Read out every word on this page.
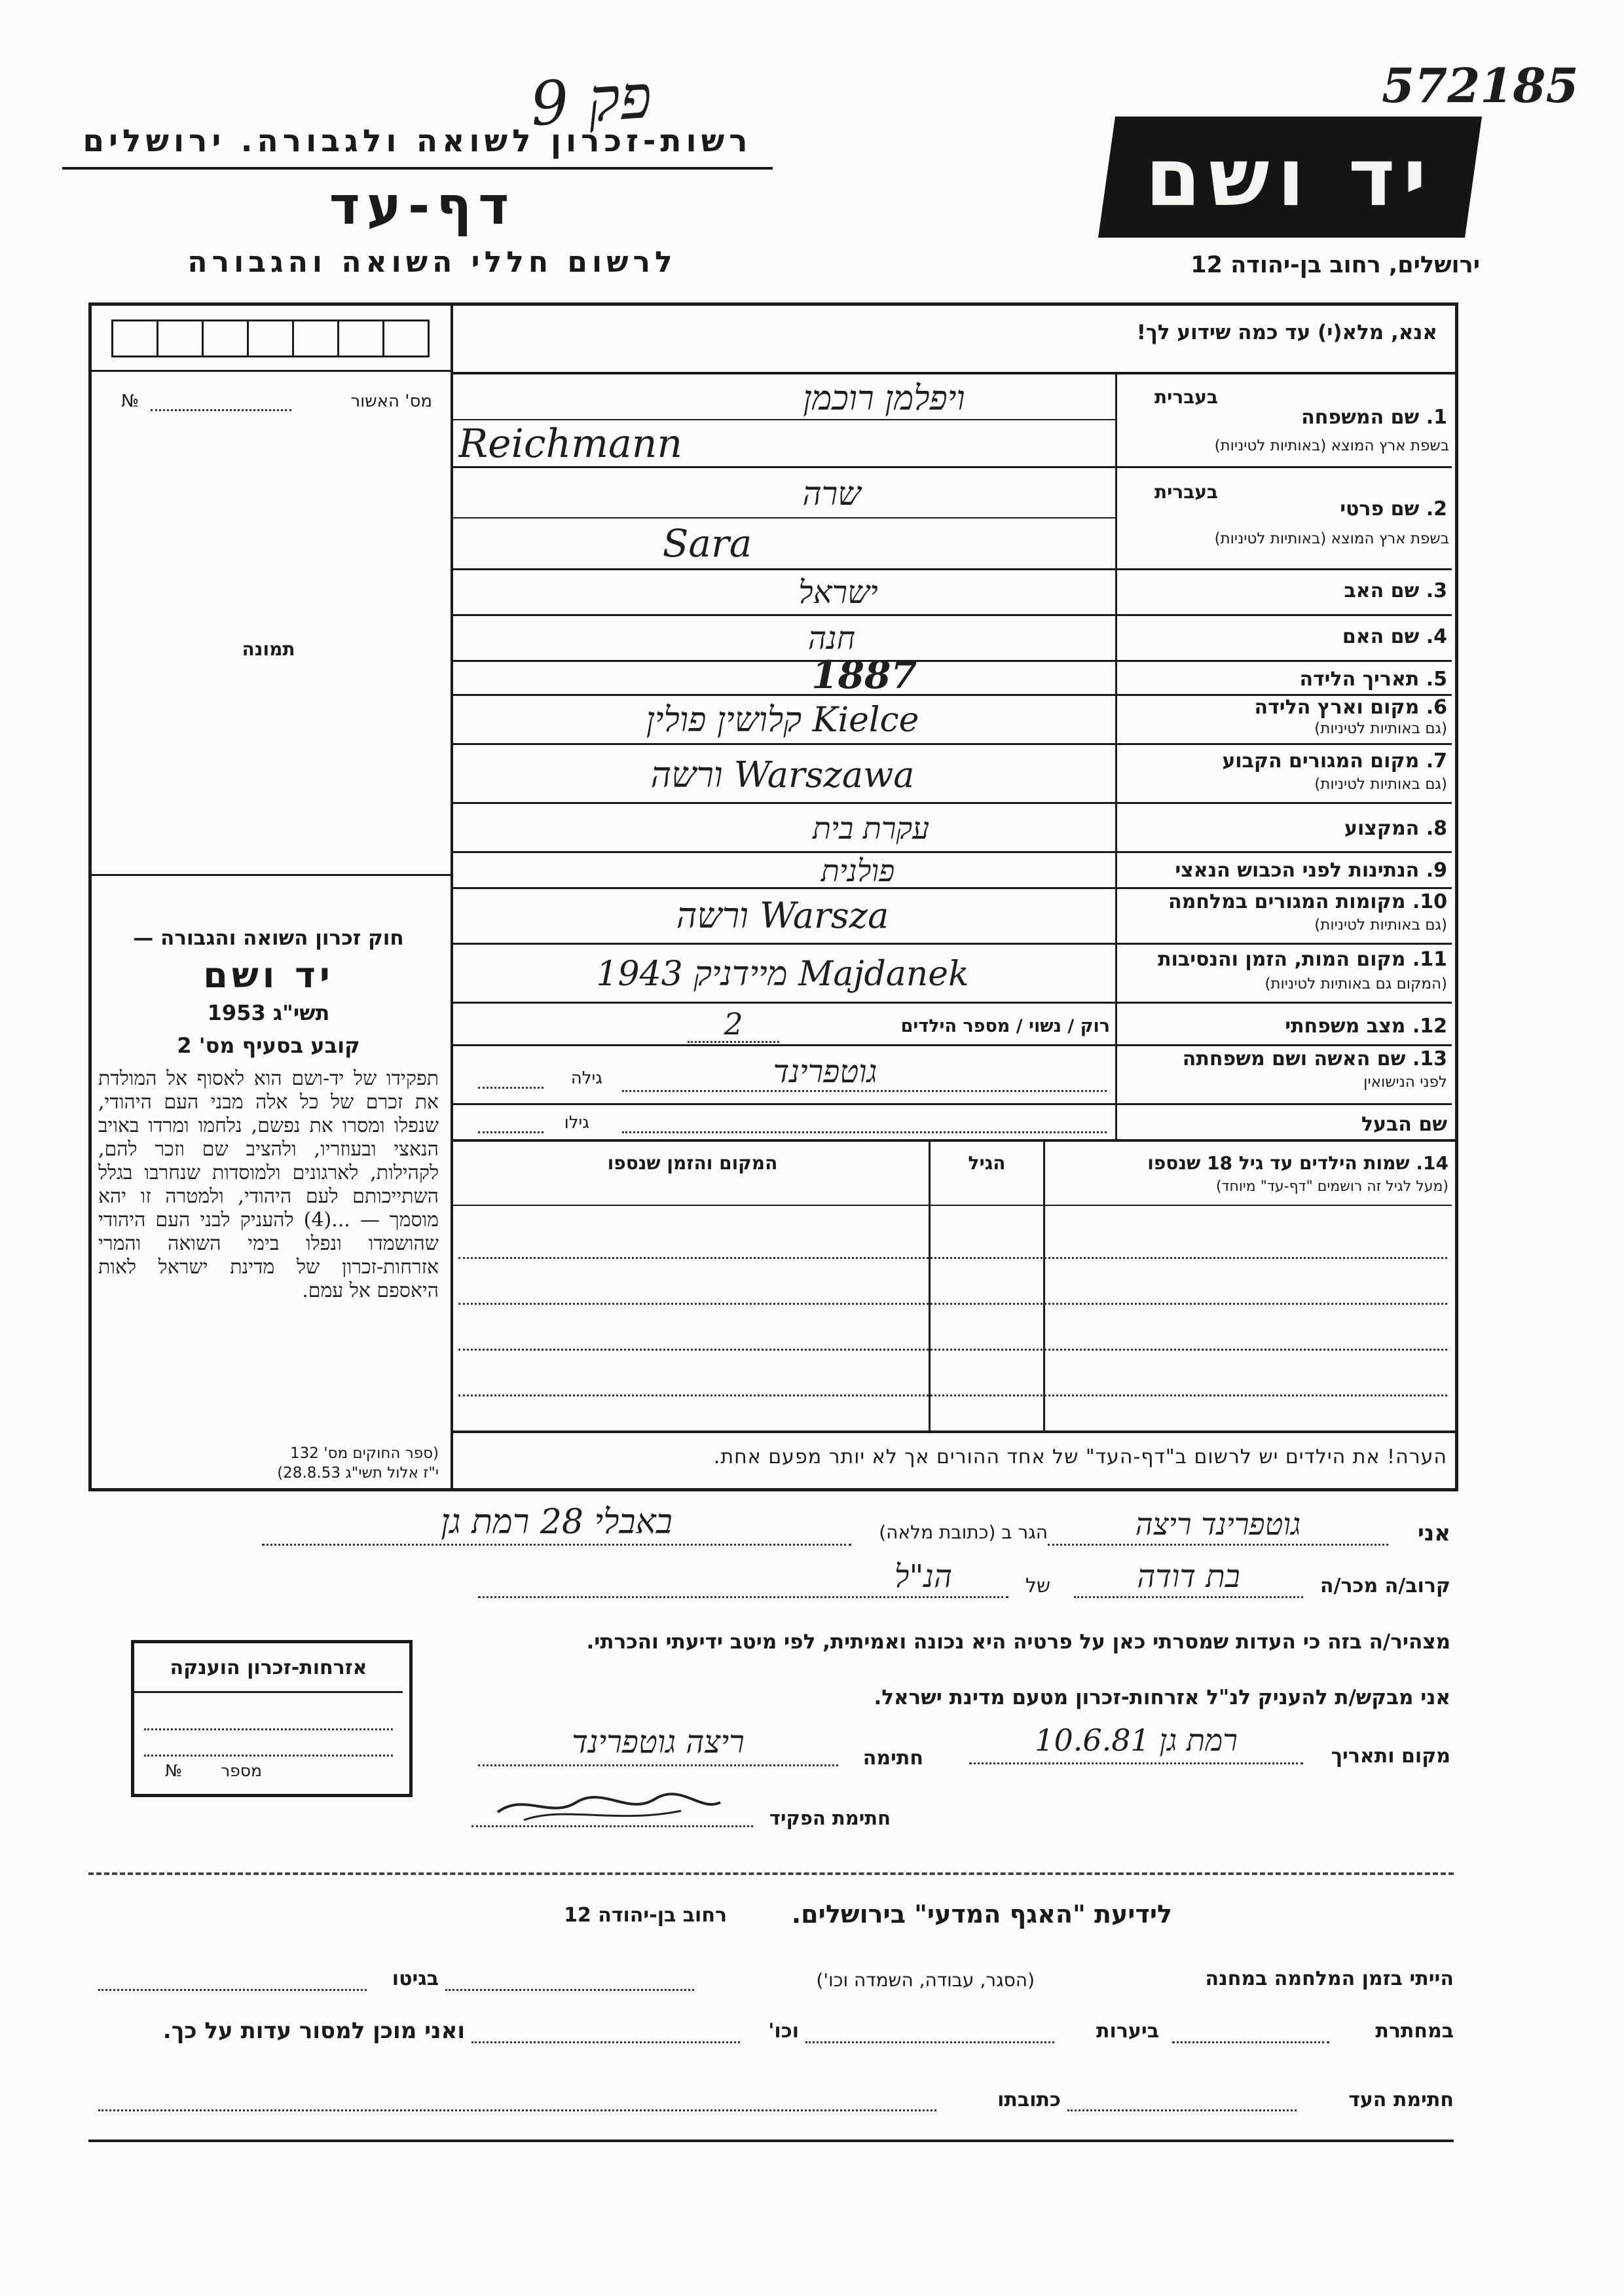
פק 9	572185
רשות-זכרון לשואה ולגבורה. ירושלים
דף-עד
לרשום חללי השואה והגבורה
יד ושם
ירושלים, רחוב בן-יהודה 12
אנא, מלא(י) עד כמה שידוע לך!
מס' האשור
№
תמונה
חוק זכרון השואה והגבורה —
יד ושם
תשי"ג 1953
קובע בסעיף מס' 2
תפקידו של יד-ושם הוא לאסוף אל המולדת את זכרם של כל אלה מבני העם היהודי, שנפלו ומסרו את נפשם, נלחמו ומרדו באויב הנאצי ובעוזריו, ולהציב שם וזכר להם, לקהילות, לארגונים ולמוסדות שנחרבו בגלל השתייכותם לעם היהודי, ולמטרה זו יהא מוסמך — ...(4) להעניק לבני העם היהודי שהושמדו ונפלו בימי השואה והמרי אזרחות-זכרון של מדינת ישראל לאות היאספם אל עמם.
(ספר החוקים מס' 132
י"ז אלול תשי"ג 28.8.53)
בעברית
1. שם המשפחה
בשפת ארץ המוצא (באותיות לטיניות)
בעברית
2. שם פרטי
בשפת ארץ המוצא (באותיות לטיניות)
3. שם האב
4. שם האם
5. תאריך הלידה
6. מקום וארץ הלידה
(גם באותיות לטיניות)
7. מקום המגורים הקבוע
(גם באותיות לטיניות)
8. המקצוע
9. הנתינות לפני הכבוש הנאצי
10. מקומות המגורים במלחמה
(גם באותיות לטיניות)
11. מקום המות, הזמן והנסיבות
(המקום גם באותיות לטיניות)
12. מצב משפחתי
13. שם האשה ושם משפחתה
לפני הנישואין
שם הבעל
ויפלמן רוכמן
Reichmann
שרה
Sara
ישראל
חנה
1887
Kielce קלושין פולין
Warszawa ורשה
עקרת בית
פולנית
Warsza ורשה
Majdanek מיידניק 1943
רוק / נשוי / מספר הילדים
2
גילה
גוטפרינד
גילו
14. שמות הילדים עד גיל 18 שנספו
(מעל לגיל זה רושמים "דף-עד" מיוחד)
הגיל
המקום והזמן שנספו
הערה! את הילדים יש לרשום ב"דף-העד" של אחד ההורים אך לא יותר מפעם אחת.
אני
גוטפרינד ריצה
הגר ב (כתובת מלאה)
באבלי 28 רמת גן
קרוב/ה מכר/ה
בת דודה
של
הנ"ל
מצהיר/ה בזה כי העדות שמסרתי כאן על פרטיה היא נכונה ואמיתית, לפי מיטב ידיעתי והכרתי.
אני מבקש/ת להעניק לנ"ל אזרחות-זכרון מטעם מדינת ישראל.
מקום ותאריך
רמת גן 10.6.81
חתימה
ריצה גוטפרינד
חתימת הפקיד
אזרחות-זכרון הוענקה
מספר
№
לידיעת "האגף המדעי" בירושלים.
רחוב בן-יהודה 12
הייתי בזמן המלחמה במחנה
(הסגר, עבודה, השמדה וכו')
בגיטו
במחתרת
ביערות
וכו'
ואני מוכן למסור עדות על כך.
חתימת העד
כתובתו
